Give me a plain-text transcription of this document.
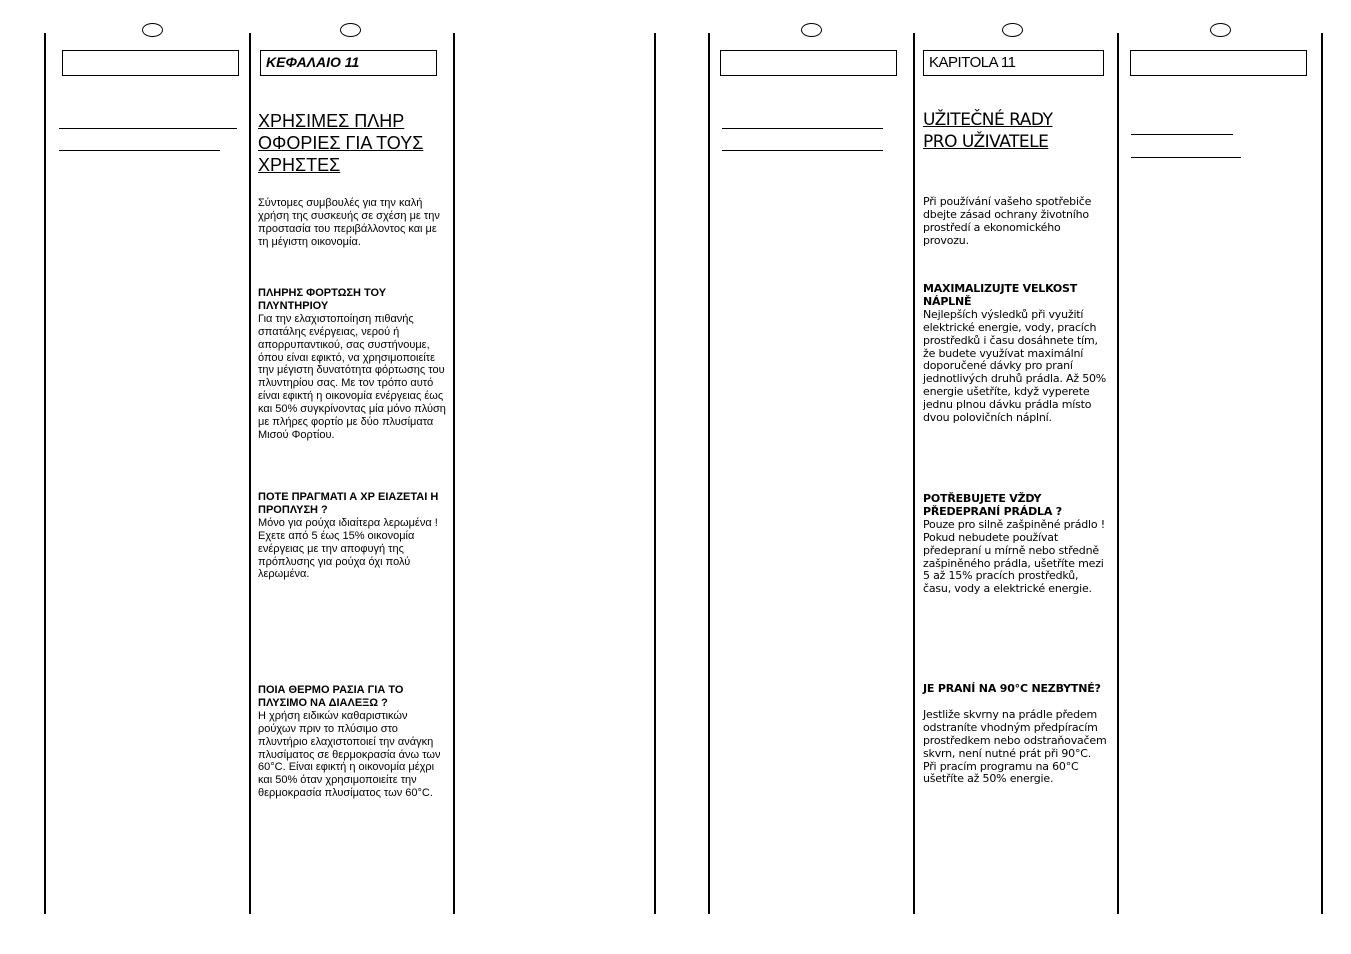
ΚΕΦΑΛΑΙΟ 11	KAPITOLA 11
ΧΡΗΣΙΜΕΣ ΠΛΗΡ ΟΦΟΡΙΕΣ ΓΙΑ ΤΟΥΣ ΧΡΗΣΤΕΣ

Σύντομες συμβουλές για την καλή χρήση της συσκευής σε σχέση με την προστασία του περιβάλλοντος και με τη μέγιστη οικονομία.

ΠΛΗΡΗΣ ΦΟΡΤΩΣΗ ΤΟΥ ΠΛΥΝΤΗΡΙΟΥ
Για την ελαχιστοποίηση πιθανής σπατάλης ενέργειας, νερού ή απορρυπαντικού, σας συστήνουμε, όπου είναι εφικτό, να χρησιμοποιείτε την μέγιστη δυνατότητα φόρτωσης του πλυντηρίου σας. Με τον τρόπο αυτό είναι εφικτή η οικονομία ενέργειας έως και 50% συγκρίνοντας μία μόνο πλύση με πλήρες φορτίο με δύο πλυσίματα Μισού Φορτίου.
ΠΟΤΕ ΠΡΑΓΜΑΤΙ Α ΧΡ ΕΙΑΖΕΤΑΙ Η ΠΡΟΠΛΥΣΗ ?
Μόνο για ρούχα ιδιαίτερα λερωμένα ! Εχετε από 5 έως 15% οικονομία ενέργειας με την αποφυγή της πρόπλυσης για ρούχα όχι πολύ λερωμένα.
ΠΟΙΑ ΘΕΡΜΟ ΡΑΣΙΑ ΓΙΑ ΤΟ ΠΛΥΣΙΜΟ ΝΑ ΔΙΑΛΕΞΩ ?
Η χρήση ειδικών καθαριστικών ρούχων πριν το πλύσιμο στο πλυντήριο ελαχιστοποιεί την ανάγκη πλυσίματος σε θερμοκρασία άνω των 60°C. Είναι εφικτή η οικονομία μέχρι και 50% όταν χρησιμοποιείτε την θερμοκρασία πλυσίματος των 60°C.
UŽITEČNÉ RADY PRO UŽIVATELE

Při používání vašeho spotřebiče dbejte zásad ochrany životního prostředí a ekonomického provozu.

MAXIMALIZUJTE VELKOST NÁPLNĚ
Nejlepších výsledků při využití elektrické energie, vody, pracích prostředků i času dosáhnete tím, že budete využívat maximální doporučené dávky pro praní jednotlivých druhů prádla. Až 50% energie ušetříte, když vyperete jednu plnou dávku prádla místo dvou polovičních náplní.
POTŘEBUJETE VŽDY PŘEDEPRANÍ PRÁDLA ?
Pouze pro silně zašpiněné prádlo ! Pokud nebudete používat předepraní u mírně nebo středně zašpiněného prádla, ušetříte mezi 5 až 15% pracích prostředků, času, vody a elektrické energie.
JE PRANÍ NA 90°C NEZBYTNÉ?
Jestliže skvrny na prádle předem odstraníte vhodným předpíracím prostředkem nebo odstraňovačem skvrn, není nutné prát při 90°C. Při pracím programu na 60°C ušetříte až 50% energie.
